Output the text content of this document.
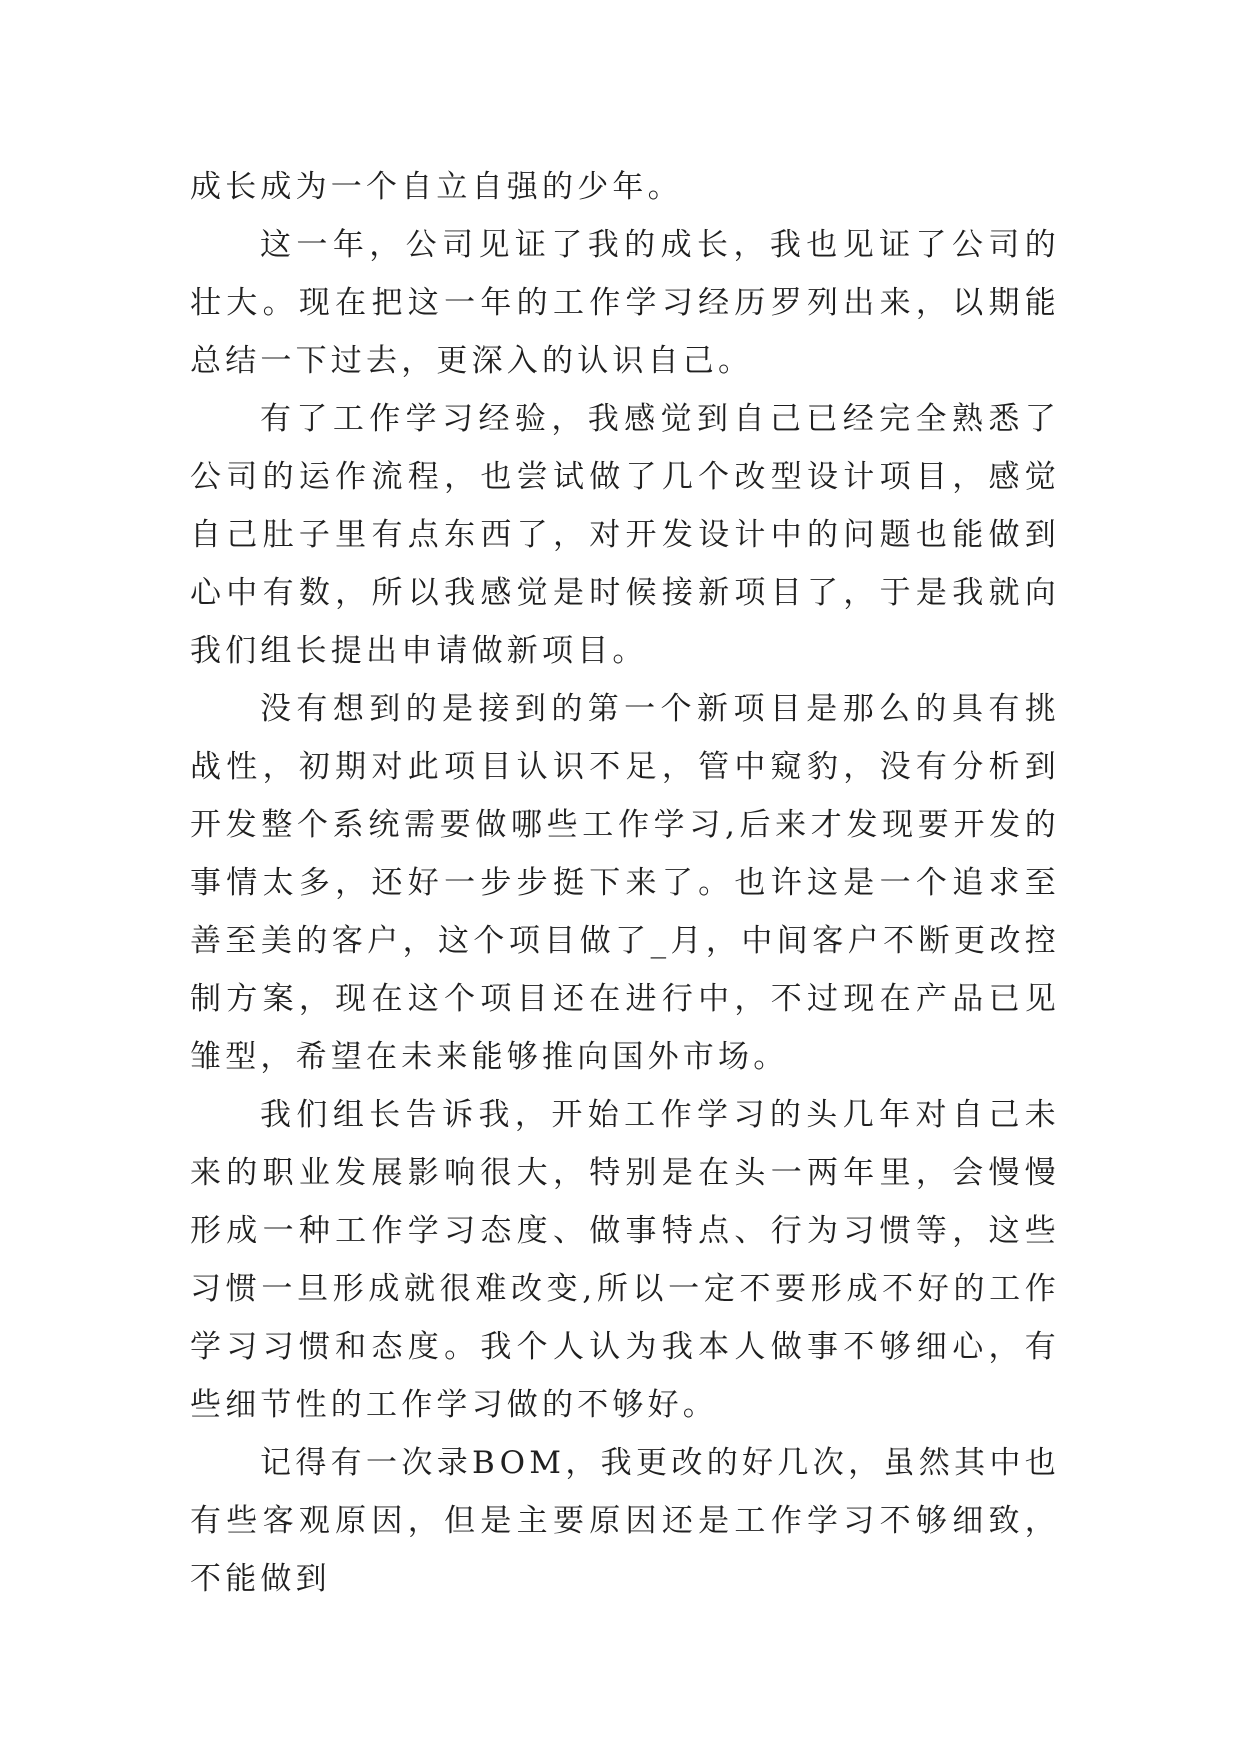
成长成为一个自立自强的少年。

这一年，公司见证了我的成长，我也见证了公司的壮大。现在把这一年的工作学习经历罗列出来，以期能总结一下过去，更深入的认识自己。

有了工作学习经验，我感觉到自己已经完全熟悉了公司的运作流程，也尝试做了几个改型设计项目，感觉自己肚子里有点东西了，对开发设计中的问题也能做到心中有数，所以我感觉是时候接新项目了，于是我就向我们组长提出申请做新项目。

没有想到的是接到的第一个新项目是那么的具有挑战性，初期对此项目认识不足，管中窥豹，没有分析到开发整个系统需要做哪些工作学习,后来才发现要开发的事情太多，还好一步步挺下来了。也许这是一个追求至善至美的客户，这个项目做了_月，中间客户不断更改控制方案，现在这个项目还在进行中，不过现在产品已见雏型，希望在未来能够推向国外市场。

我们组长告诉我，开始工作学习的头几年对自己未来的职业发展影响很大，特别是在头一两年里，会慢慢形成一种工作学习态度、做事特点、行为习惯等，这些习惯一旦形成就很难改变,所以一定不要形成不好的工作学习习惯和态度。我个人认为我本人做事不够细心，有些细节性的工作学习做的不够好。

记得有一次录BOM，我更改的好几次，虽然其中也有些客观原因，但是主要原因还是工作学习不够细致，不能做到
